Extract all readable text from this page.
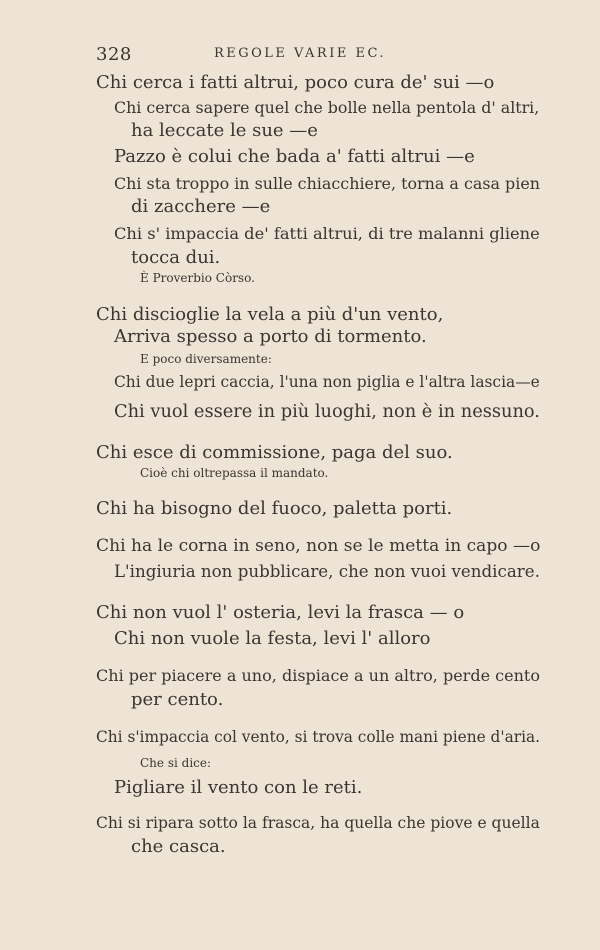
328	REGOLE VARIE EC.
Chi cerca i fatti altrui, poco cura de' sui —o
Chi cerca sapere quel che bolle nella pentola d' altri,
ha leccate le sue —e
Pazzo è colui che bada a' fatti altrui —e
Chi sta troppo in sulle chiacchiere, torna a casa pien
di zacchere —e
Chi s' impaccia de' fatti altrui, di tre malanni gliene
tocca dui.
È Proverbio Còrso.
Chi discioglie la vela a più d'un vento,
Arriva spesso a porto di tormento.
E poco diversamente:
Chi due lepri caccia, l'una non piglia e l'altra lascia—e
Chi vuol essere in più luoghi, non è in nessuno.
Chi esce di commissione, paga del suo.
Cioè chi oltrepassa il mandato.
Chi ha bisogno del fuoco, paletta porti.
Chi ha le corna in seno, non se le metta in capo —o
L'ingiuria non pubblicare, che non vuoi vendicare.
Chi non vuol l' osteria, levi la frasca — o
Chi non vuole la festa, levi l' alloro
Chi per piacere a uno, dispiace a un altro, perde cento
per cento.
Chi s'impaccia col vento, si trova colle mani piene d'aria.
Che si dice:
Pigliare il vento con le reti.
Chi si ripara sotto la frasca, ha quella che piove e quella
che casca.
